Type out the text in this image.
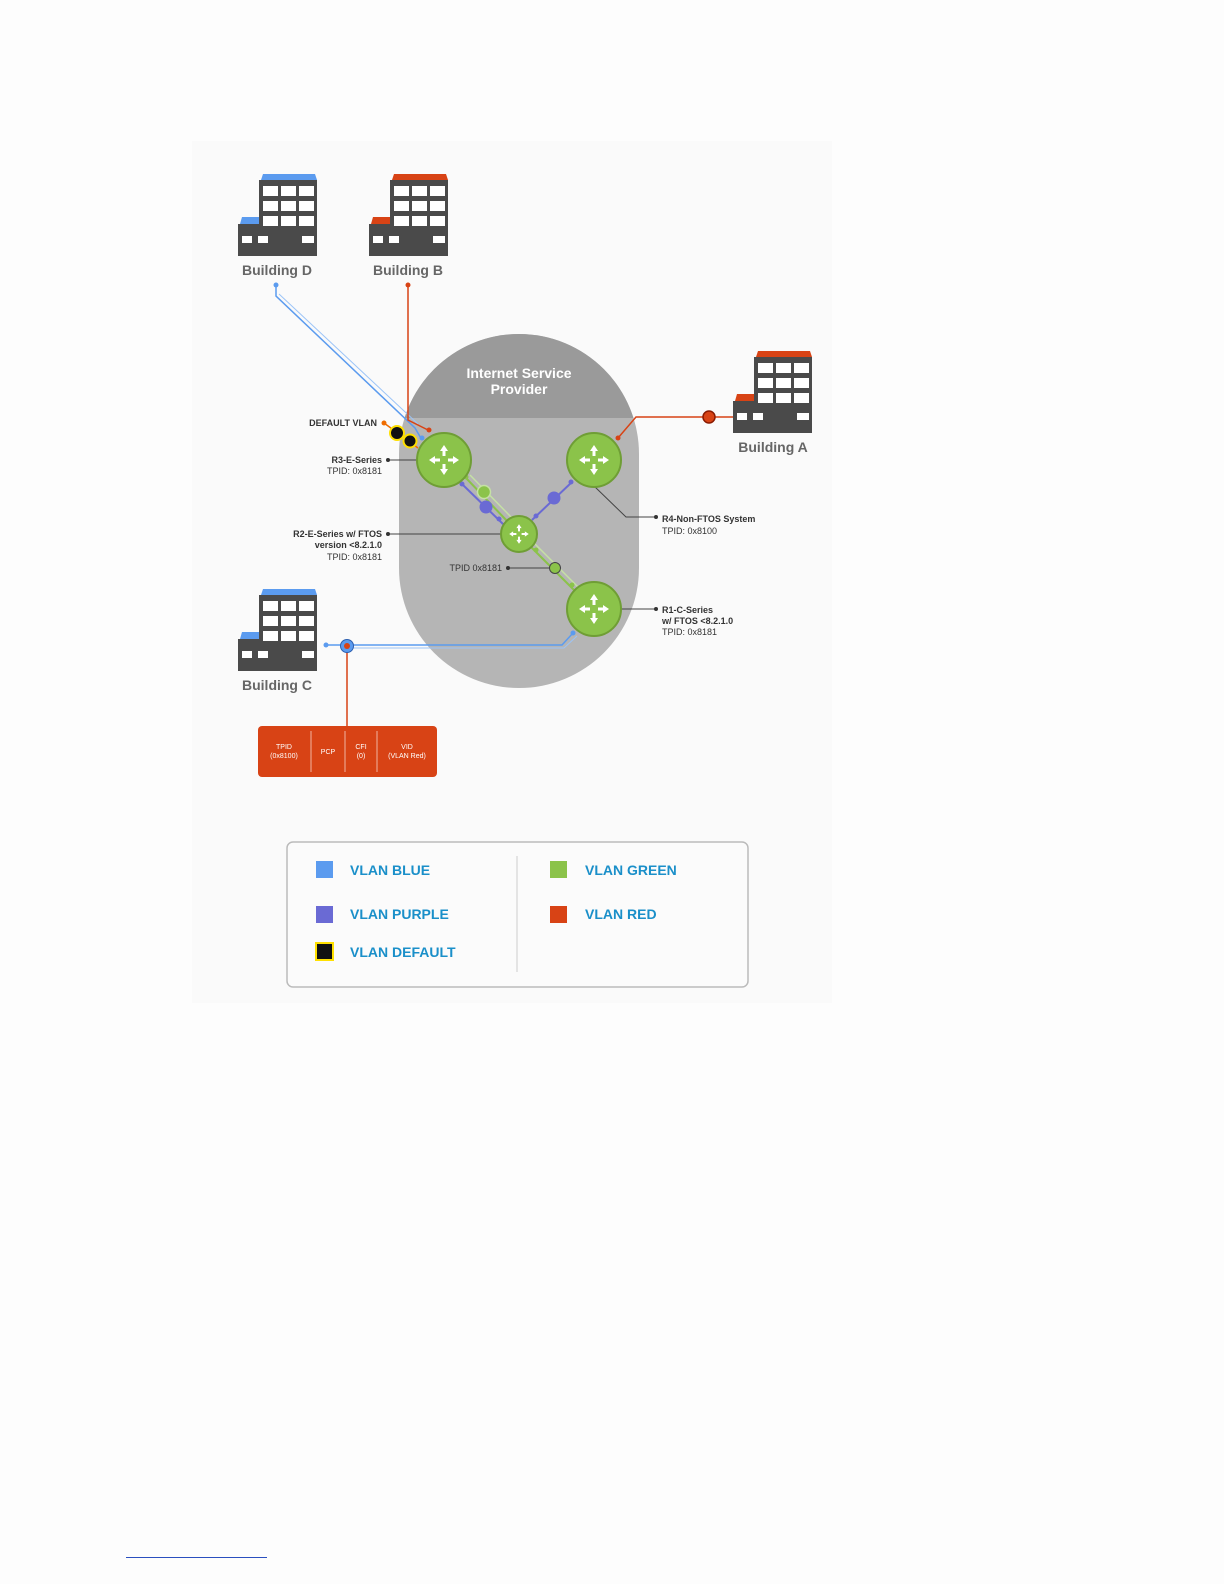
Internet Service
Provider
Building D	Building B
Building A
Building C
DEFAULT VLAN
R3-E-Series
TPID: 0x8181
R2-E-Series w/ FTOS
version <8.2.1.0
TPID: 0x8181
TPID 0x8181
R4-Non-FTOS System
TPID: 0x8100
R1-C-Series
w/ FTOS <8.2.1.0
TPID: 0x8181
TPID
(0x8100)
PCP
CFI
(0)
VID
(VLAN Red)
VLAN BLUE
VLAN PURPLE
VLAN DEFAULT
VLAN GREEN
VLAN RED
